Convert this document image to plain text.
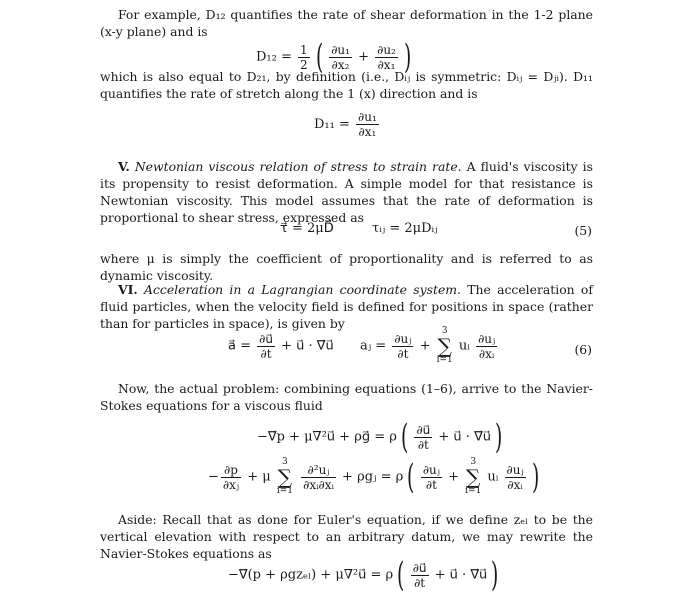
For example, D₁₂ quantifies the rate of shear deformation in the 1-2 plane (x-y plane) and is

$D_{12} = \frac{1}{2}$ ( $\frac{\text{∂u₁}}{\text{∂x₂}} + \frac{\text{∂u₂}}{\text{∂x₁}}$ )

which is also equal to D₂₁, by definition (i.e., Dᵢⱼ is symmetric: Dᵢⱼ = Dⱼᵢ). D₁₁ quantifies the rate of stretch along the 1 (x) direction and is

$D_{11} = \frac{\text{∂u₁}}{\text{∂x₁}}$

V. Newtonian viscous relation of stress to strain rate. A fluid's viscosity is its propensity to resist deformation. A simple model for that resistance is Newtonian viscosity. This model assumes that the rate of deformation is proportional to shear stress, expressed as

τ⃗ = 2μD⃗	τᵢⱼ = 2μDᵢⱼ	(5)

where μ is simply the coefficient of proportionality and is referred to as dynamic viscosity.

VI. Acceleration in a Lagrangian coordinate system. The acceleration of fluid particles, when the velocity field is defined for positions in space (rather than for particles in space), is given by

a⃗ = $\frac{\partial u⃗}{\partial t}$ + u⃗ · ∇⃗u⃗ aⱼ = $\frac{\text{∂uⱼ}}{\partial t} + 3$
∑
i=1 uᵢ $\frac{\text{∂uⱼ}}{\text{∂xᵢ}}$	(6)

Now, the actual problem: combining equations (1–6), arrive to the Navier-Stokes equations for a viscous fluid

−∇⃗p + μ∇²u⃗ + ρg⃗ = ρ ( $\frac{\partial u⃗}{\partial t}$ + u⃗ · ∇⃗u⃗ )
− $\frac{\partial p}{\text{∂xⱼ}} + \mu$ 3
∑
$i=1 \frac{\text{∂²uⱼ}}{\text{∂xᵢ∂xᵢ}}$ + ρgⱼ = ρ ( $\frac{\text{∂uⱼ}}{\partial t} + 3$
∑
i=1 uᵢ $\frac{\text{∂uⱼ}}{\text{∂xᵢ}}$ )

Aside: Recall that as done for Euler's equation, if we define zₑₗ to be the vertical elevation with respect to an arbitrary datum, we may rewrite the Navier-Stokes equations as

−∇⃗(p + ρgzₑₗ) + μ∇²u⃗ = ρ ( $\frac{\partial u⃗}{\partial t}$ + u⃗ · ∇⃗u⃗ )
